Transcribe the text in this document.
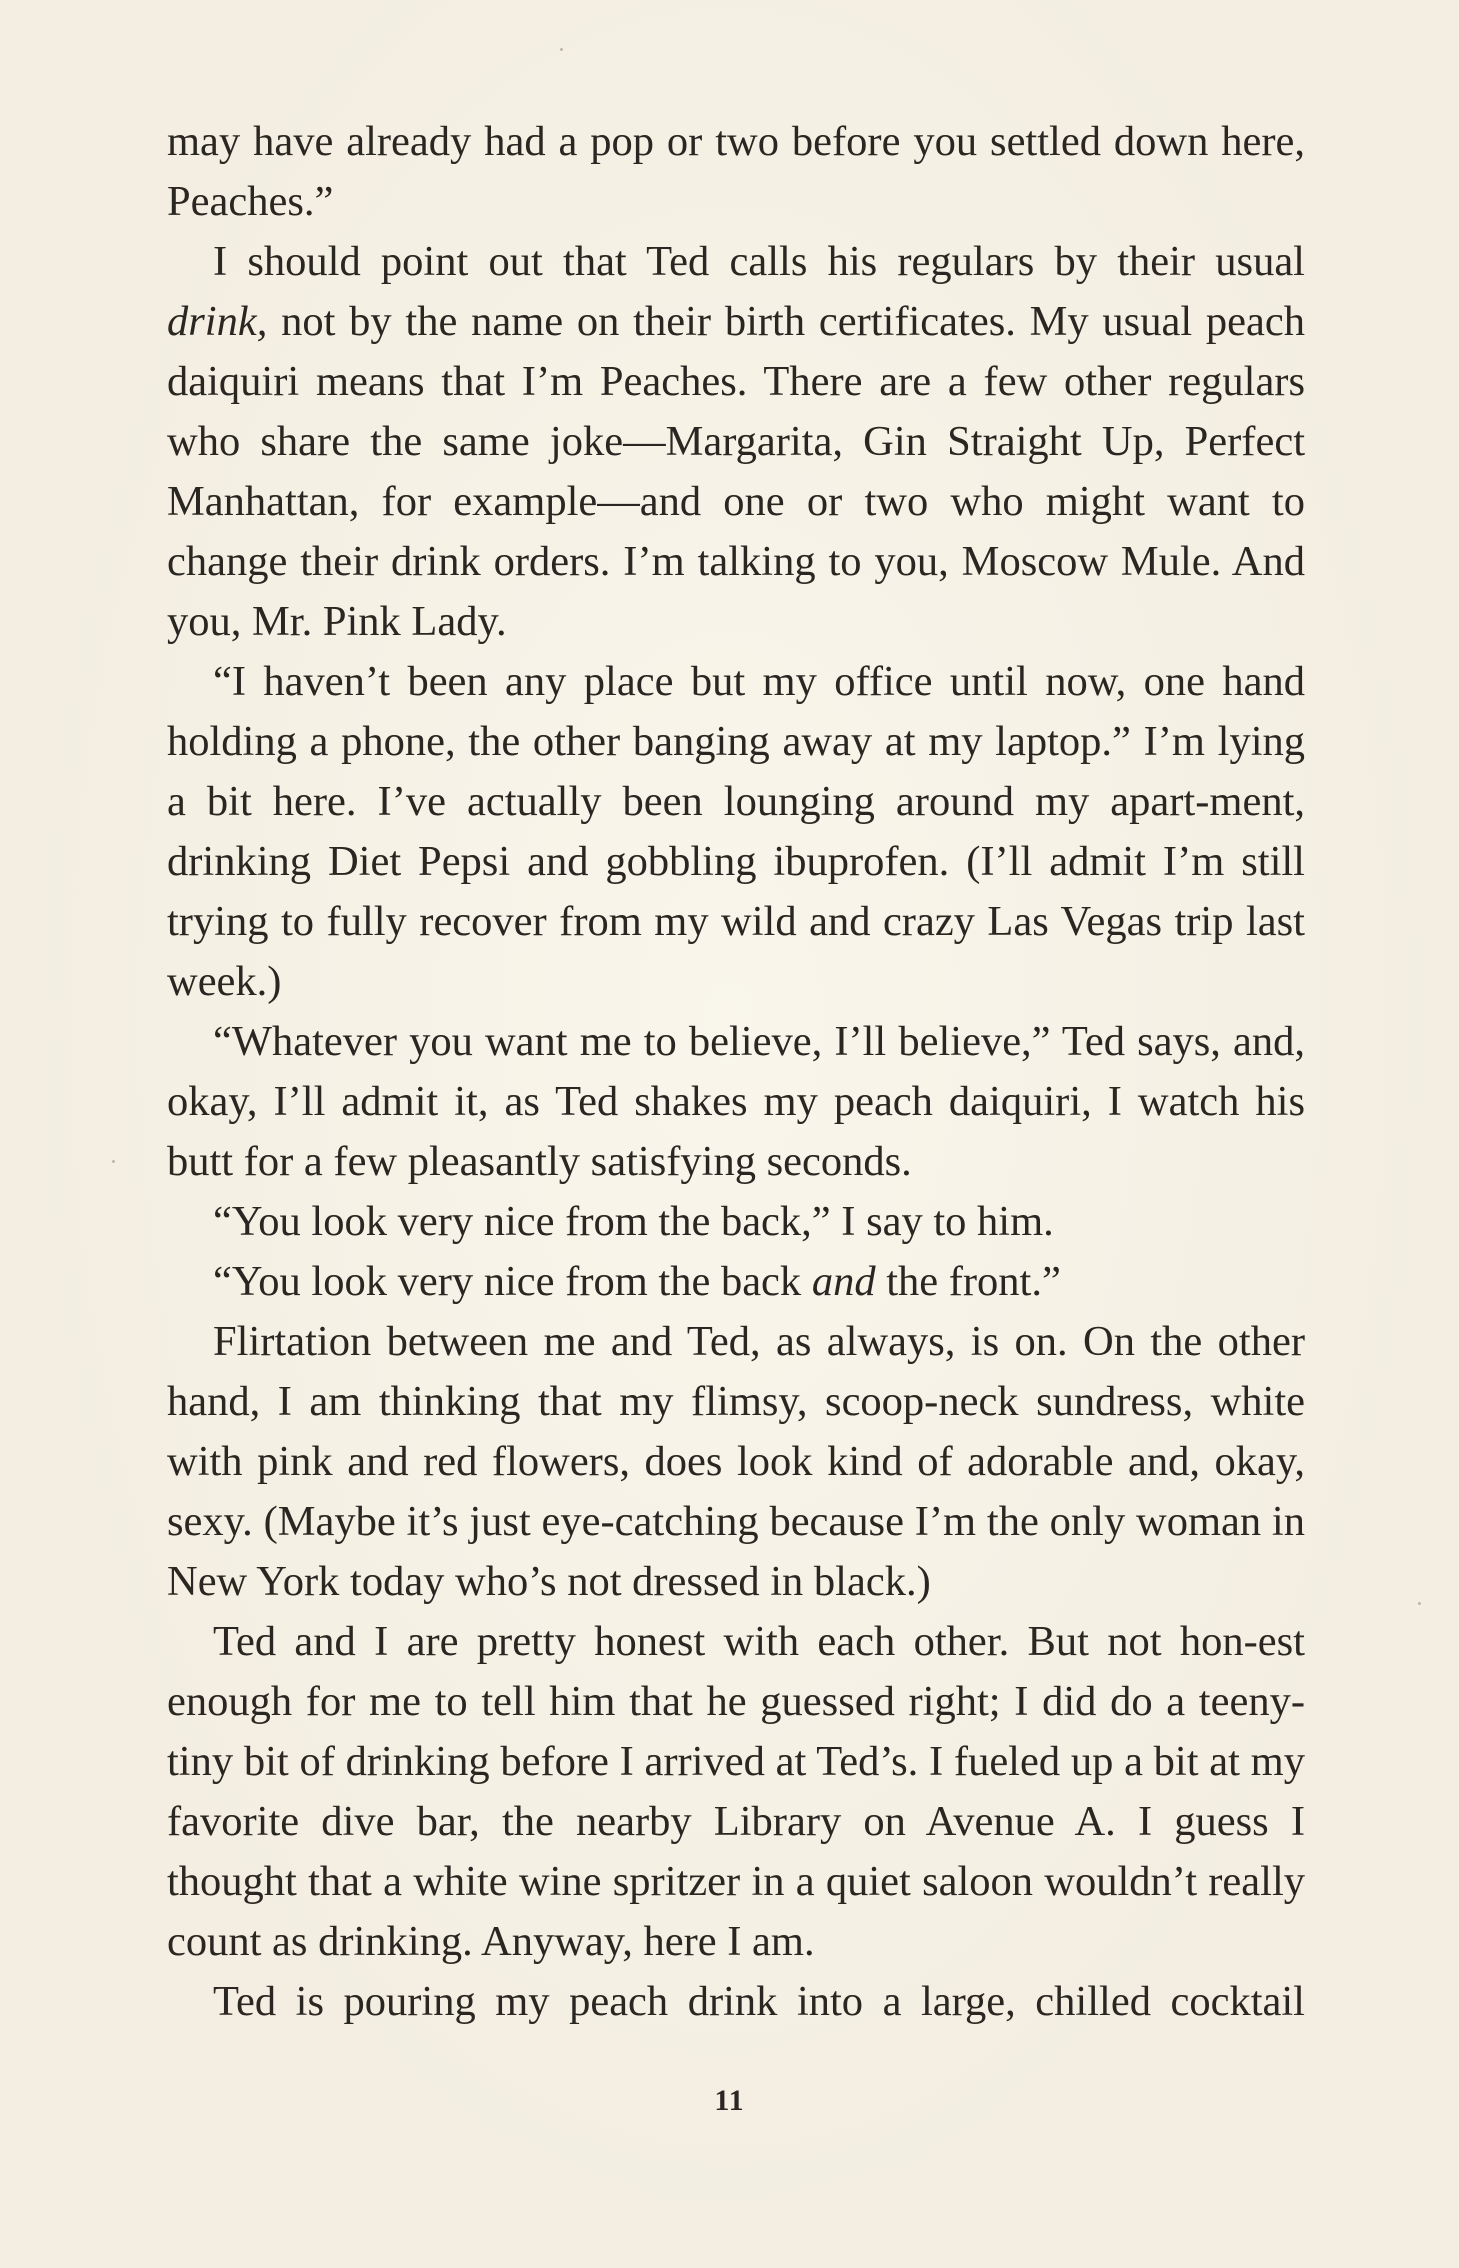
may have already had a pop or two before you settled down here, Peaches.”

I should point out that Ted calls his regulars by their usual drink, not by the name on their birth certificates. My usual peach daiquiri means that I’m Peaches. There are a few other regulars who share the same joke—Margarita, Gin Straight Up, Perfect Manhattan, for example—and one or two who might want to change their drink orders. I’m talking to you, Moscow Mule. And you, Mr. Pink Lady.

“I haven’t been any place but my office until now, one hand holding a phone, the other banging away at my laptop.” I’m lying a bit here. I’ve actually been lounging around my apart-ment, drinking Diet Pepsi and gobbling ibuprofen. (I’ll admit I’m still trying to fully recover from my wild and crazy Las Vegas trip last week.)

“Whatever you want me to believe, I’ll believe,” Ted says, and, okay, I’ll admit it, as Ted shakes my peach daiquiri, I watch his butt for a few pleasantly satisfying seconds.

“You look very nice from the back,” I say to him.

“You look very nice from the back and the front.”

Flirtation between me and Ted, as always, is on. On the other hand, I am thinking that my flimsy, scoop-neck sundress, white with pink and red flowers, does look kind of adorable and, okay, sexy. (Maybe it’s just eye-catching because I’m the only woman in New York today who’s not dressed in black.)

Ted and I are pretty honest with each other. But not hon-est enough for me to tell him that he guessed right; I did do a teeny-tiny bit of drinking before I arrived at Ted’s. I fueled up a bit at my favorite dive bar, the nearby Library on Avenue A. I guess I thought that a white wine spritzer in a quiet saloon wouldn’t really count as drinking. Anyway, here I am.

Ted is pouring my peach drink into a large, chilled cocktail

11
